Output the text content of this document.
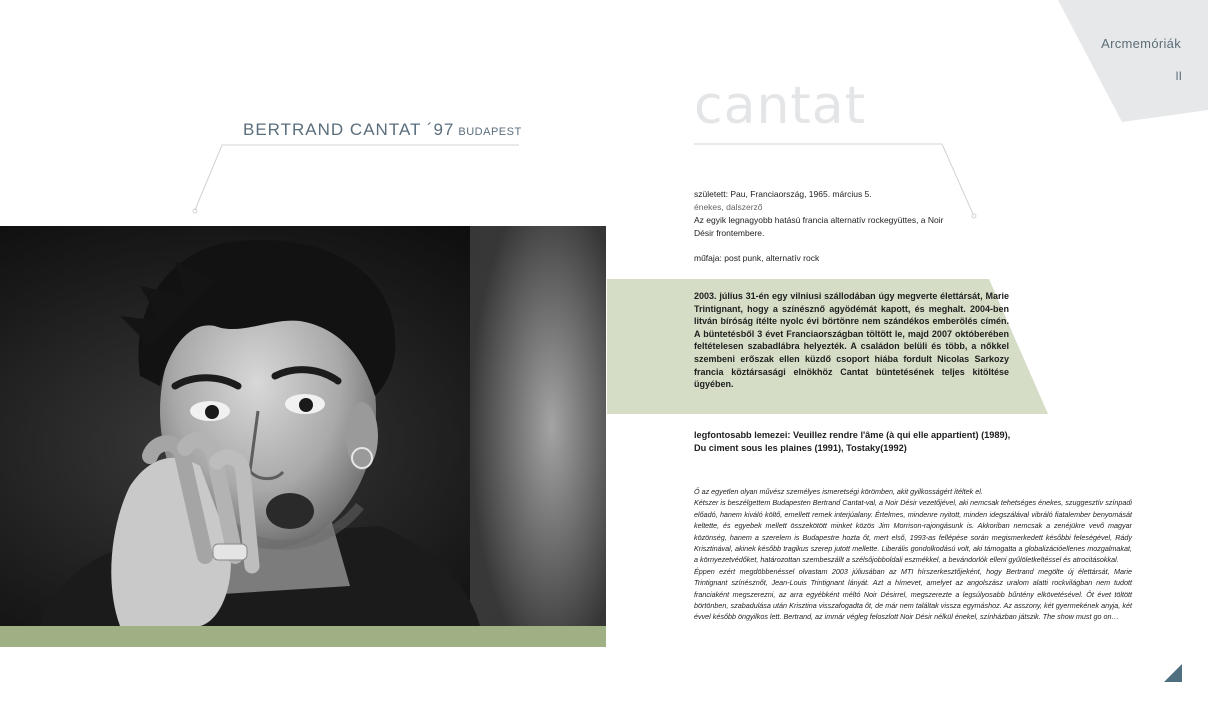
Arcmemóriák
II
BERTRAND CANTAT ´97 BUDAPEST	cantat
született: Pau, Franciaország, 1965. március 5.
énekes, dalszerző
Az egyik legnagyobb hatású francia alternatív rockegyüttes, a Noir Désir frontembere.
műfaja: post punk, alternatív rock
2003. július 31-én egy vilniusi szállodában úgy megverte élettársát, Marie Trintignant, hogy a színésznő agyödémát kapott, és meghalt. 2004-ben litván bíróság ítélte nyolc évi börtönre nem szándékos emberölés címén. A büntetésből 3 évet Franciaországban töltött le, majd 2007 októberében feltételesen szabadlábra helyezték. A családon belüli és több, a nőkkel szembeni erőszak ellen küzdő csoport hiába fordult Nicolas Sarkozy francia köztársasági elnökhöz Cantat büntetésének teljes kitöltése ügyében.
legfontosabb lemezei: Veuillez rendre l'âme (à qui elle appartient) (1989),
Du ciment sous les plaines (1991), Tostaky(1992)

Ő az egyetlen olyan művész személyes ismeretségi körömben, akit gyilkosságért ítéltek el.

Kétszer is beszélgettem Budapesten Bertrand Cantat-val, a Noir Désir vezetőjével, aki nemcsak tehetséges énekes, szuggesztív színpadi előadó, hanem kiváló költő, emellett remek interjúalany. Értelmes, mindenre nyitott, minden idegszálával vibráló fiatalember benyomását keltette, és egyebek mellett összekötött minket közös Jim Morrison-rajongásunk is. Akkoriban nemcsak a zenéjükre vevő magyar közönség, hanem a szerelem is Budapestre hozta őt, mert első, 1993-as fellépése során megismerkedett későbbi feleségével, Rády Krisztinával, akinek később tragikus szerep jutott mellette. Liberális gondolkodású volt, aki támogatta a globalizációellenes mozgalmakat, a környezetvédőket, határozottan szembeszállt a szélsőjobboldali eszmékkel, a bevándorlók elleni gyűlöletkeltéssel és atrocitásokkal.

Éppen ezért megdöbbenéssel olvastam 2003 júliusában az MTI hírszerkesztőjeként, hogy Bertrand megölte új élettársát, Marie Trintignant színésznőt, Jean-Louis Trintignant lányát. Azt a hímevet, amelyet az angolszász uralom alatti rockvilágban nem tudott franciaként megszerezni, az arra egyébként méltó Noir Désirrel, megszerezte a legsúlyosabb bűntény elkövetésével. Őt évet töltött börtönben, szabadulása után Krisztina visszafogadta őt, de már nem találtak vissza egymáshoz. Az asszony, két gyermekének anyja, két évvel később öngyilkos lett. Bertrand, az immár végleg feloszlott Noir Désir nélkül énekel, színházban játszik. The show must go on…
